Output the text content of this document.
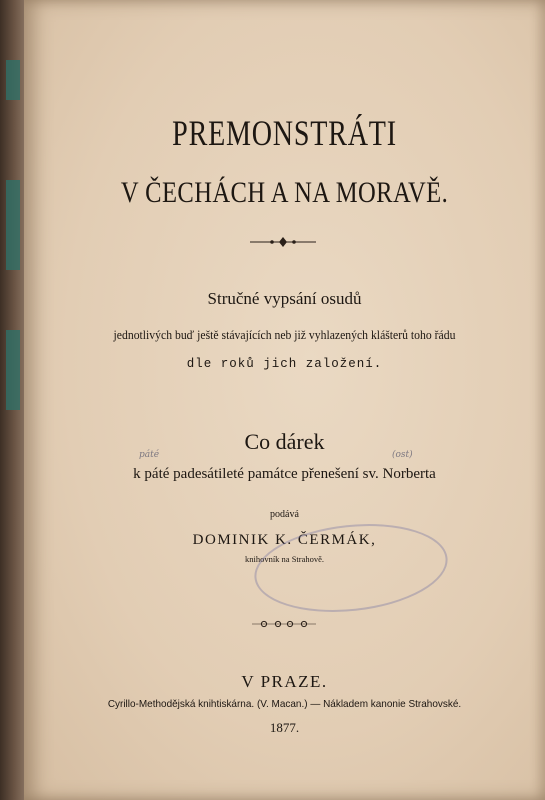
PREMONSTRÁTI
V ČECHÁCH A NA MORAVĚ.

Stručné vypsání osudů

jednotlivých buď ještě stávajících neb již vyhlazených klášterů toho řádu

dle roků jich založení.

Co dárek

k páté padesátileté památce přenešení sv. Norberta

podává

DOMINIK K. ČERMÁK,

knihovník na Strahově.

páté	(ost)

V PRAZE.

Cyrillo-Methodějská knihtiskárna. (V. Macan.) — Nákladem kanonie Strahovské.

1877.
